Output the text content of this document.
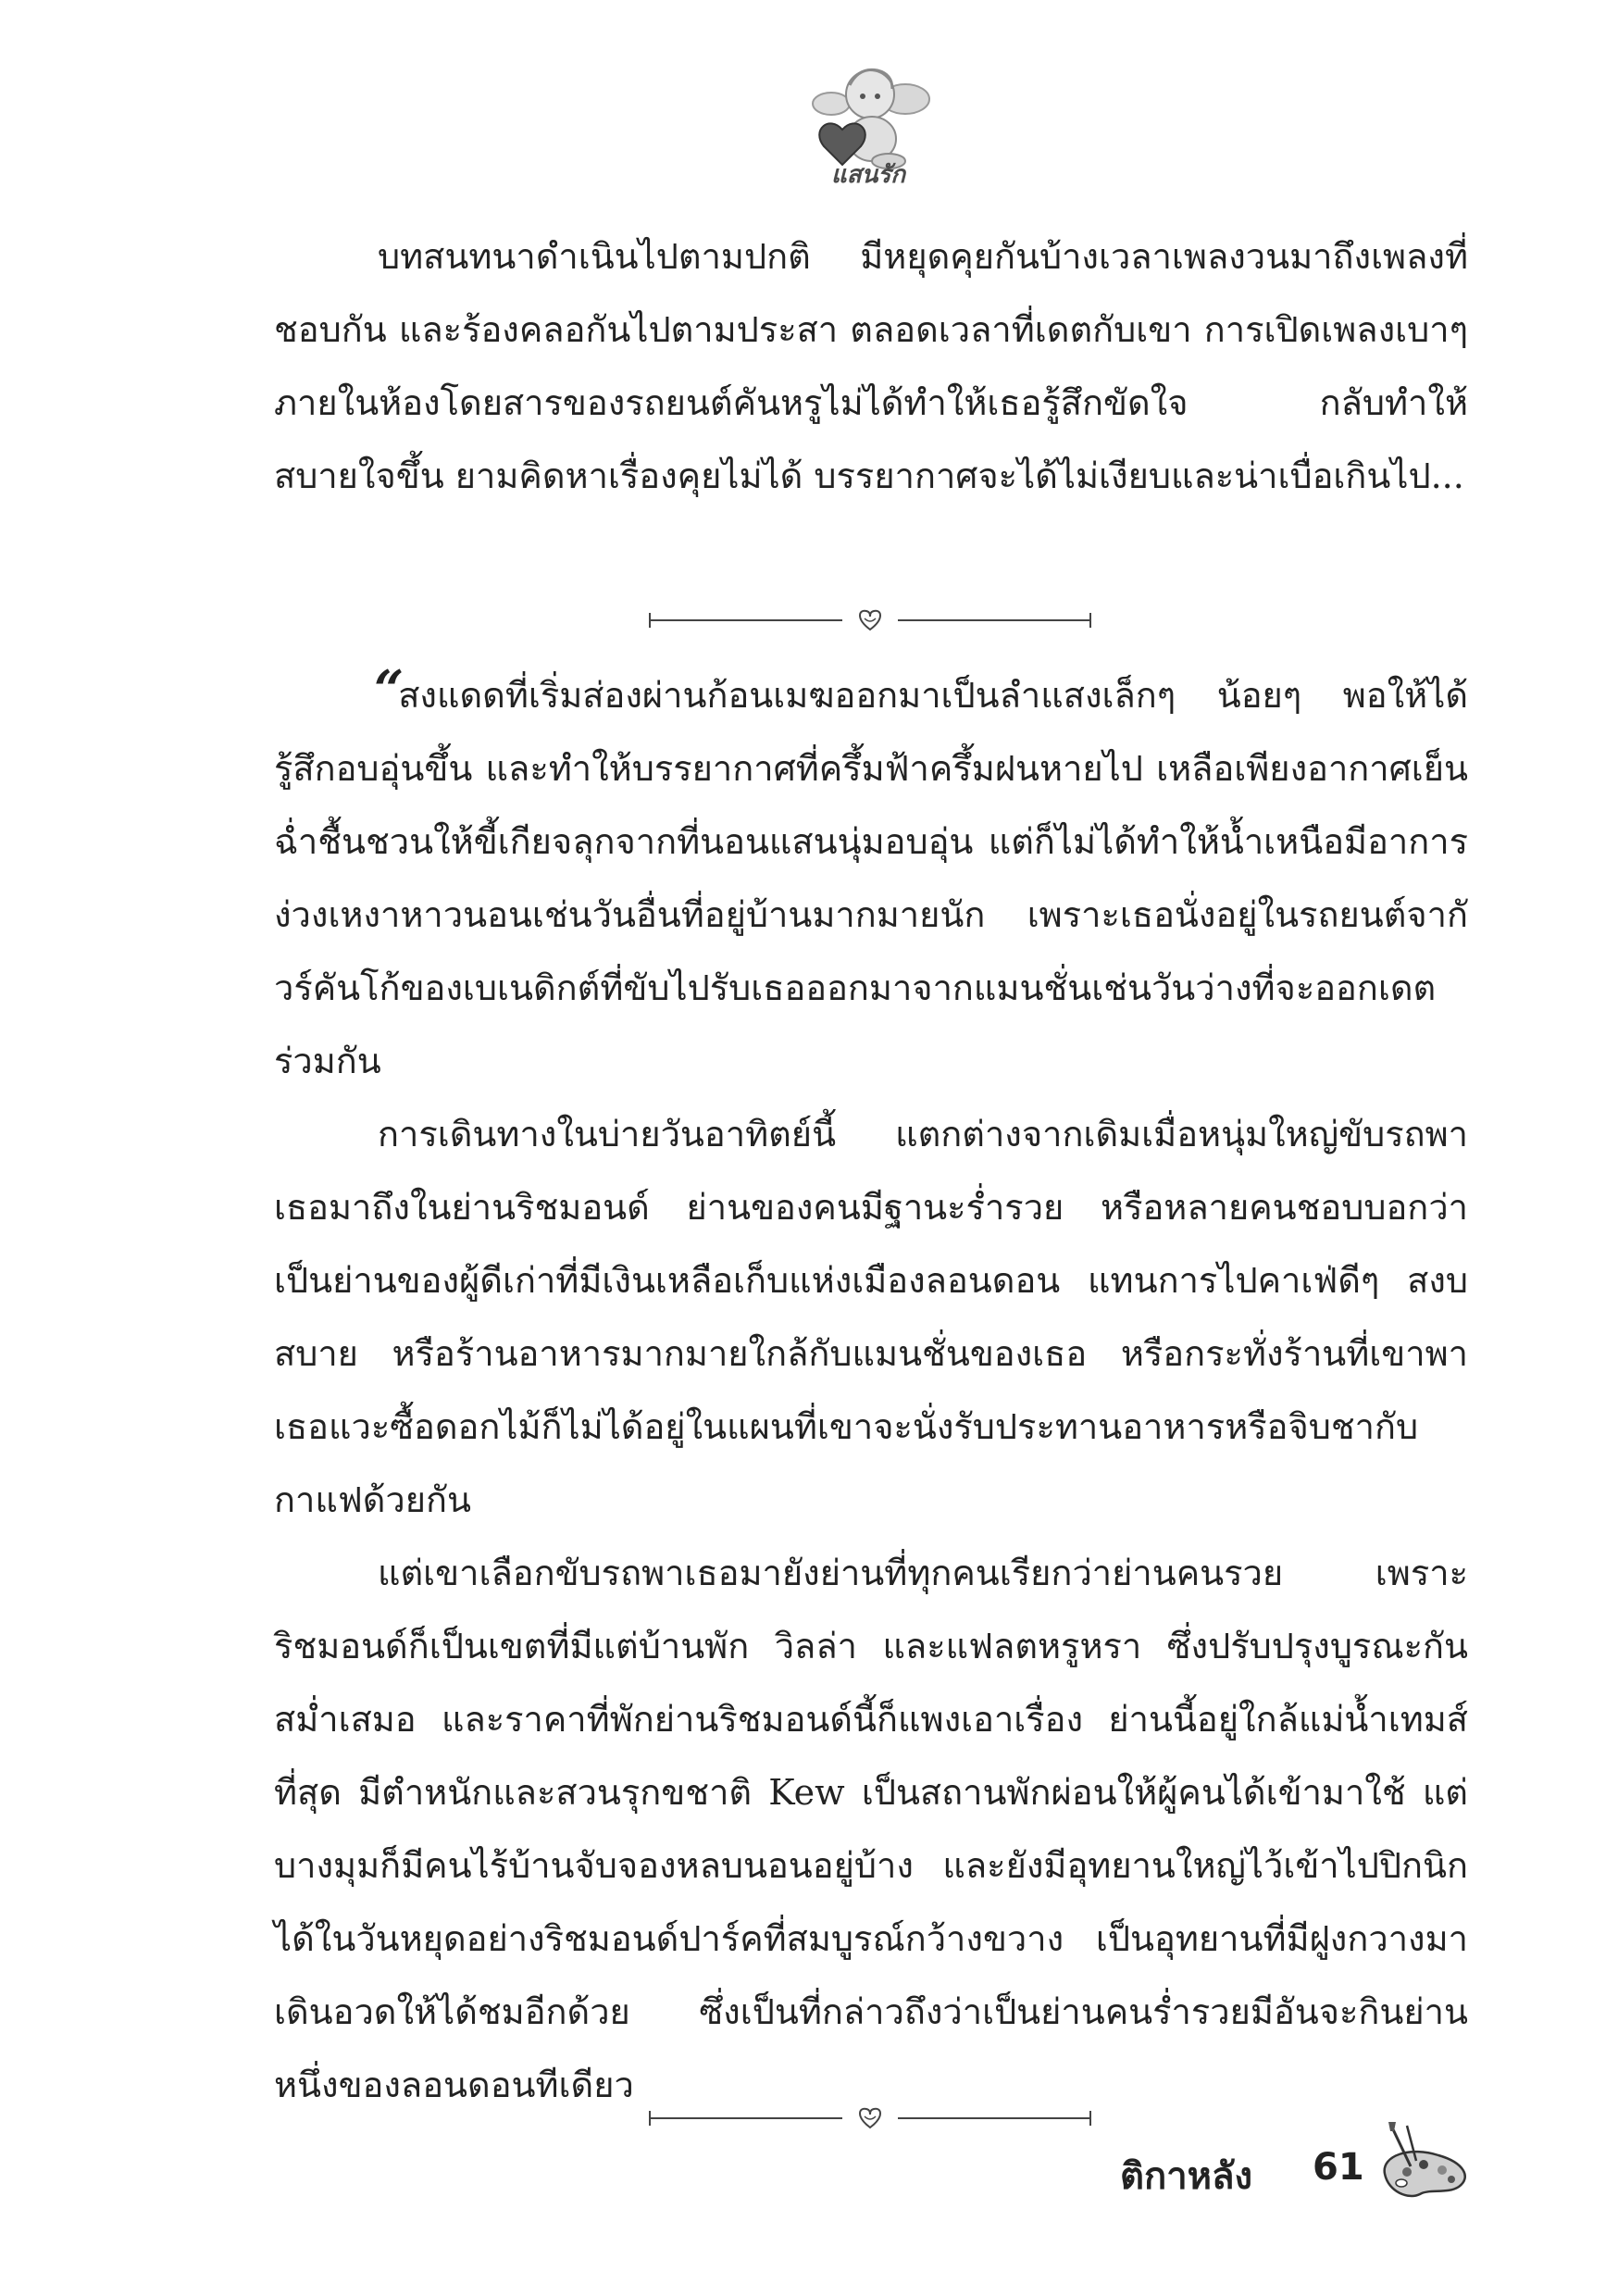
แสนรัก

บทสนทนาดำเนินไปตามปกติ มีหยุดคุยกันบ้างเวลาเพลงวนมาถึงเพลงที่ชอบกัน และร้องคลอกันไปตามประสา ตลอดเวลาที่เดตกับเขา การเปิดเพลงเบาๆ ภายในห้องโดยสารของรถยนต์คันหรูไม่ได้ทำให้เธอรู้สึกขัดใจ กลับทำให้สบายใจขึ้น ยามคิดหาเรื่องคุยไม่ได้ บรรยากาศจะได้ไม่เงียบและน่าเบื่อเกินไป...

“สงแดดที่เริ่มส่องผ่านก้อนเมฆออกมาเป็นลำแสงเล็กๆ น้อยๆ พอให้ได้รู้สึกอบอุ่นขึ้น และทำให้บรรยากาศที่ครึ้มฟ้าครึ้มฝนหายไป เหลือเพียงอากาศเย็นฉ่ำชื้นชวนให้ขี้เกียจลุกจากที่นอนแสนนุ่มอบอุ่น แต่ก็ไม่ได้ทำให้น้ำเหนือมีอาการง่วงเหงาหาวนอนเช่นวันอื่นที่อยู่บ้านมากมายนัก เพราะเธอนั่งอยู่ในรถยนต์จากัวร์คันโก้ของเบเนดิกต์ที่ขับไปรับเธอออกมาจากแมนชั่นเช่นวันว่างที่จะออกเดตร่วมกัน

การเดินทางในบ่ายวันอาทิตย์นี้ แตกต่างจากเดิมเมื่อหนุ่มใหญ่ขับรถพาเธอมาถึงในย่านริชมอนด์ ย่านของคนมีฐานะร่ำรวย หรือหลายคนชอบบอกว่าเป็นย่านของผู้ดีเก่าที่มีเงินเหลือเก็บแห่งเมืองลอนดอน แทนการไปคาเฟ่ดีๆ สงบสบาย หรือร้านอาหารมากมายใกล้กับแมนชั่นของเธอ หรือกระทั่งร้านที่เขาพาเธอแวะซื้อดอกไม้ก็ไม่ได้อยู่ในแผนที่เขาจะนั่งรับประทานอาหารหรือจิบชากับกาแฟด้วยกัน

แต่เขาเลือกขับรถพาเธอมายังย่านที่ทุกคนเรียกว่าย่านคนรวย เพราะริชมอนด์ก็เป็นเขตที่มีแต่บ้านพัก วิลล่า และแฟลตหรูหรา ซึ่งปรับปรุงบูรณะกันสม่ำเสมอ และราคาที่พักย่านริชมอนด์นี้ก็แพงเอาเรื่อง ย่านนี้อยู่ใกล้แม่น้ำเทมส์ที่สุด มีตำหนักและสวนรุกขชาติ Kew เป็นสถานพักผ่อนให้ผู้คนได้เข้ามาใช้ แต่บางมุมก็มีคนไร้บ้านจับจองหลบนอนอยู่บ้าง และยังมีอุทยานใหญ่ไว้เข้าไปปิกนิกได้ในวันหยุดอย่างริชมอนด์ปาร์คที่สมบูรณ์กว้างขวาง เป็นอุทยานที่มีฝูงกวางมาเดินอวดให้ได้ชมอีกด้วย ซึ่งเป็นที่กล่าวถึงว่าเป็นย่านคนร่ำรวยมีอันจะกินย่านหนึ่งของลอนดอนทีเดียว

ติกาหลัง 61
